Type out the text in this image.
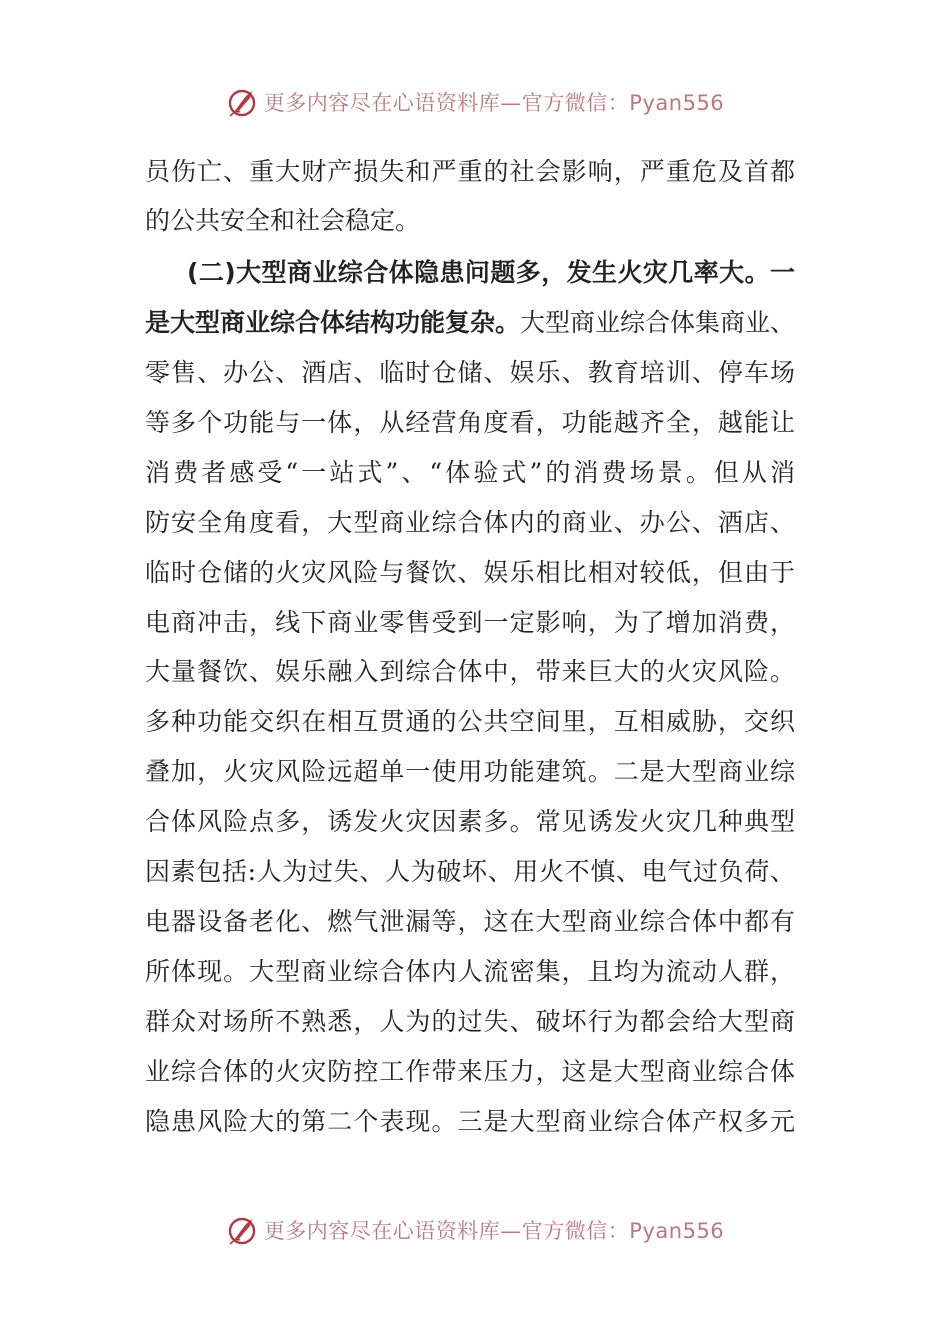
更多内容尽在心语资料库—官方微信：Pyan556
员伤亡、重大财产损失和严重的社会影响，严重危及首都
的公共安全和社会稳定。
(二)大型商业综合体隐患问题多，发生火灾几率大。一
是大型商业综合体结构功能复杂。大型商业综合体集商业、
零售、办公、酒店、临时仓储、娱乐、教育培训、停车场
等多个功能与一体，从经营角度看，功能越齐全，越能让
消费者感受“一站式”、“体验式”的消费场景。但从消
防安全角度看，大型商业综合体内的商业、办公、酒店、
临时仓储的火灾风险与餐饮、娱乐相比相对较低，但由于
电商冲击，线下商业零售受到一定影响，为了增加消费，
大量餐饮、娱乐融入到综合体中，带来巨大的火灾风险。
多种功能交织在相互贯通的公共空间里，互相威胁，交织
叠加，火灾风险远超单一使用功能建筑。二是大型商业综
合体风险点多，诱发火灾因素多。常见诱发火灾几种典型
因素包括:人为过失、人为破坏、用火不慎、电气过负荷、
电器设备老化、燃气泄漏等，这在大型商业综合体中都有
所体现。大型商业综合体内人流密集，且均为流动人群，
群众对场所不熟悉，人为的过失、破坏行为都会给大型商
业综合体的火灾防控工作带来压力，这是大型商业综合体
隐患风险大的第二个表现。三是大型商业综合体产权多元
更多内容尽在心语资料库—官方微信：Pyan556
